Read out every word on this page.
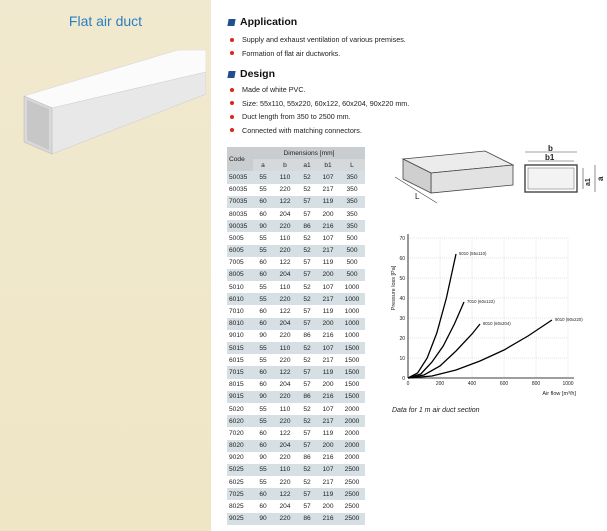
Flat air duct	Application
Supply and exhaust ventilation of various premises.
Formation of flat air ductworks.
Design
Made of white PVC.
Size: 55x110, 55x220, 60x122, 60x204, 90x220 mm.
Duct length from 350 to 2500 mm.
Connected with matching connectors.
Code	Dimensions [mm]				
	a	b	a1	b1	L
50035	55	110	52	107	350
60035	55	220	52	217	350
70035	60	122	57	119	350
80035	60	204	57	200	350
90035	90	220	86	216	350
5005	55	110	52	107	500
6005	55	220	52	217	500
7005	60	122	57	119	500
8005	60	204	57	200	500
5010	55	110	52	107	1000
6010	55	220	52	217	1000
7010	60	122	57	119	1000
8010	60	204	57	200	1000
9010	90	220	86	216	1000
5015	55	110	52	107	1500
6015	55	220	52	217	1500
7015	60	122	57	119	1500
8015	60	204	57	200	1500
9015	90	220	86	216	1500
5020	55	110	52	107	2000
6020	55	220	52	217	2000
7020	60	122	57	119	2000
8020	60	204	57	200	2000
9020	90	220	86	216	2000
5025	55	110	52	107	2500
6025	55	220	52	217	2500
7025	60	122	57	119	2500
8025	60	204	57	200	2500
9025	90	220	86	216	2500
L
b
b1
a1 a
0
10
20
30
40
50
60
70
0	200	400	600	800	1000
Air flow [m³/h]
Pressure loss [Pa]
5010 (55x110)
7010 (60x122)
8010 (60x204)
9010 (90x220)
Data for 1 m air duct section
